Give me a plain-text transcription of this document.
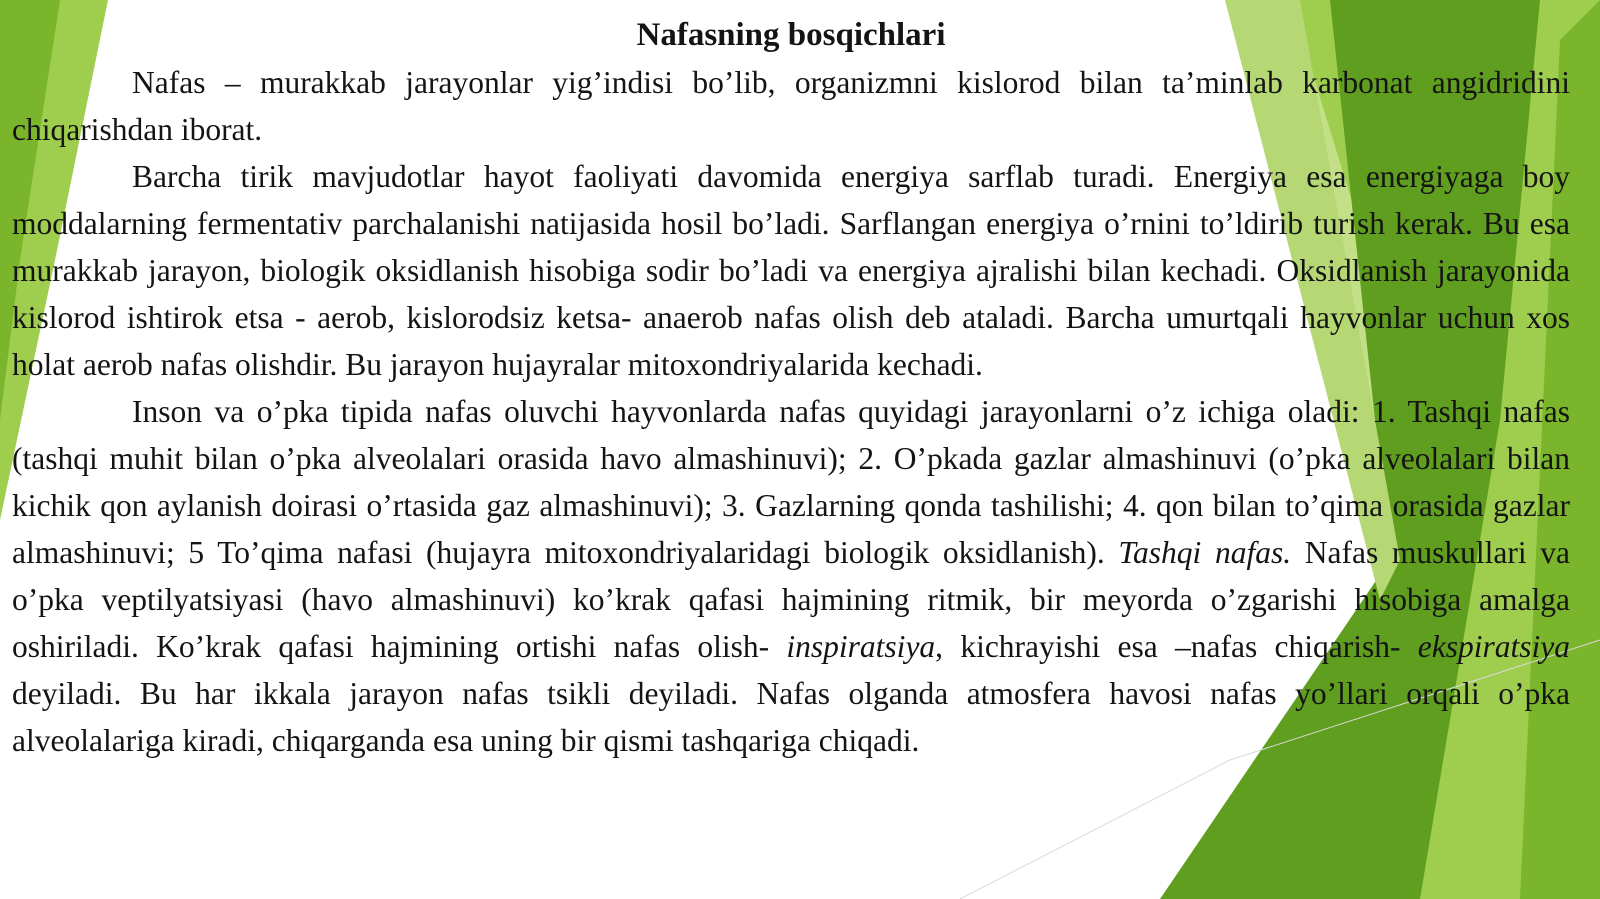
Nafasning bosqichlari

Nafas – murakkab jarayonlar yig’indisi bo’lib, organizmni kislorod bilan ta’minlab karbonat angidridini chiqarishdan iborat.

Barcha tirik mavjudotlar hayot faoliyati davomida energiya sarflab turadi. Energiya esa energiyaga boy moddalarning fermentativ parchalanishi natijasida hosil bo’ladi. Sarflangan energiya o’rnini to’ldirib turish kerak. Bu esa murakkab jarayon, biologik oksidlanish hisobiga sodir bo’ladi va energiya ajralishi bilan kechadi. Oksidlanish jarayonida kislorod ishtirok etsa - aerob, kislorodsiz ketsa- anaerob nafas olish deb ataladi. Barcha umurtqali hayvonlar uchun xos holat aerob nafas olishdir. Bu jarayon hujayralar mitoxondriyalarida kechadi.

Inson va o’pka tipida nafas oluvchi hayvonlarda nafas quyidagi jarayonlarni o’z ichiga oladi: 1. Tashqi nafas (tashqi muhit bilan o’pka alveolalari orasida havo almashinuvi); 2. O’pkada gazlar almashinuvi (o’pka alveolalari bilan kichik qon aylanish doirasi o’rtasida gaz almashinuvi); 3. Gazlarning qonda tashilishi; 4. qon bilan to’qima orasida gazlar almashinuvi; 5 To’qima nafasi (hujayra mitoxondriyalaridagi biologik oksidlanish). Tashqi nafas. Nafas muskullari va o’pka veptilyatsiyasi (havo almashinuvi) ko’krak qafasi hajmining ritmik, bir meyorda o’zgarishi hisobiga amalga oshiriladi. Ko’krak qafasi hajmining ortishi nafas olish- inspiratsiya, kichrayishi esa –nafas chiqarish- ekspiratsiya deyiladi. Bu har ikkala jarayon nafas tsikli deyiladi. Nafas olganda atmosfera havosi nafas yo’llari orqali o’pka alveolalariga kiradi, chiqarganda esa uning bir qismi tashqariga chiqadi.
